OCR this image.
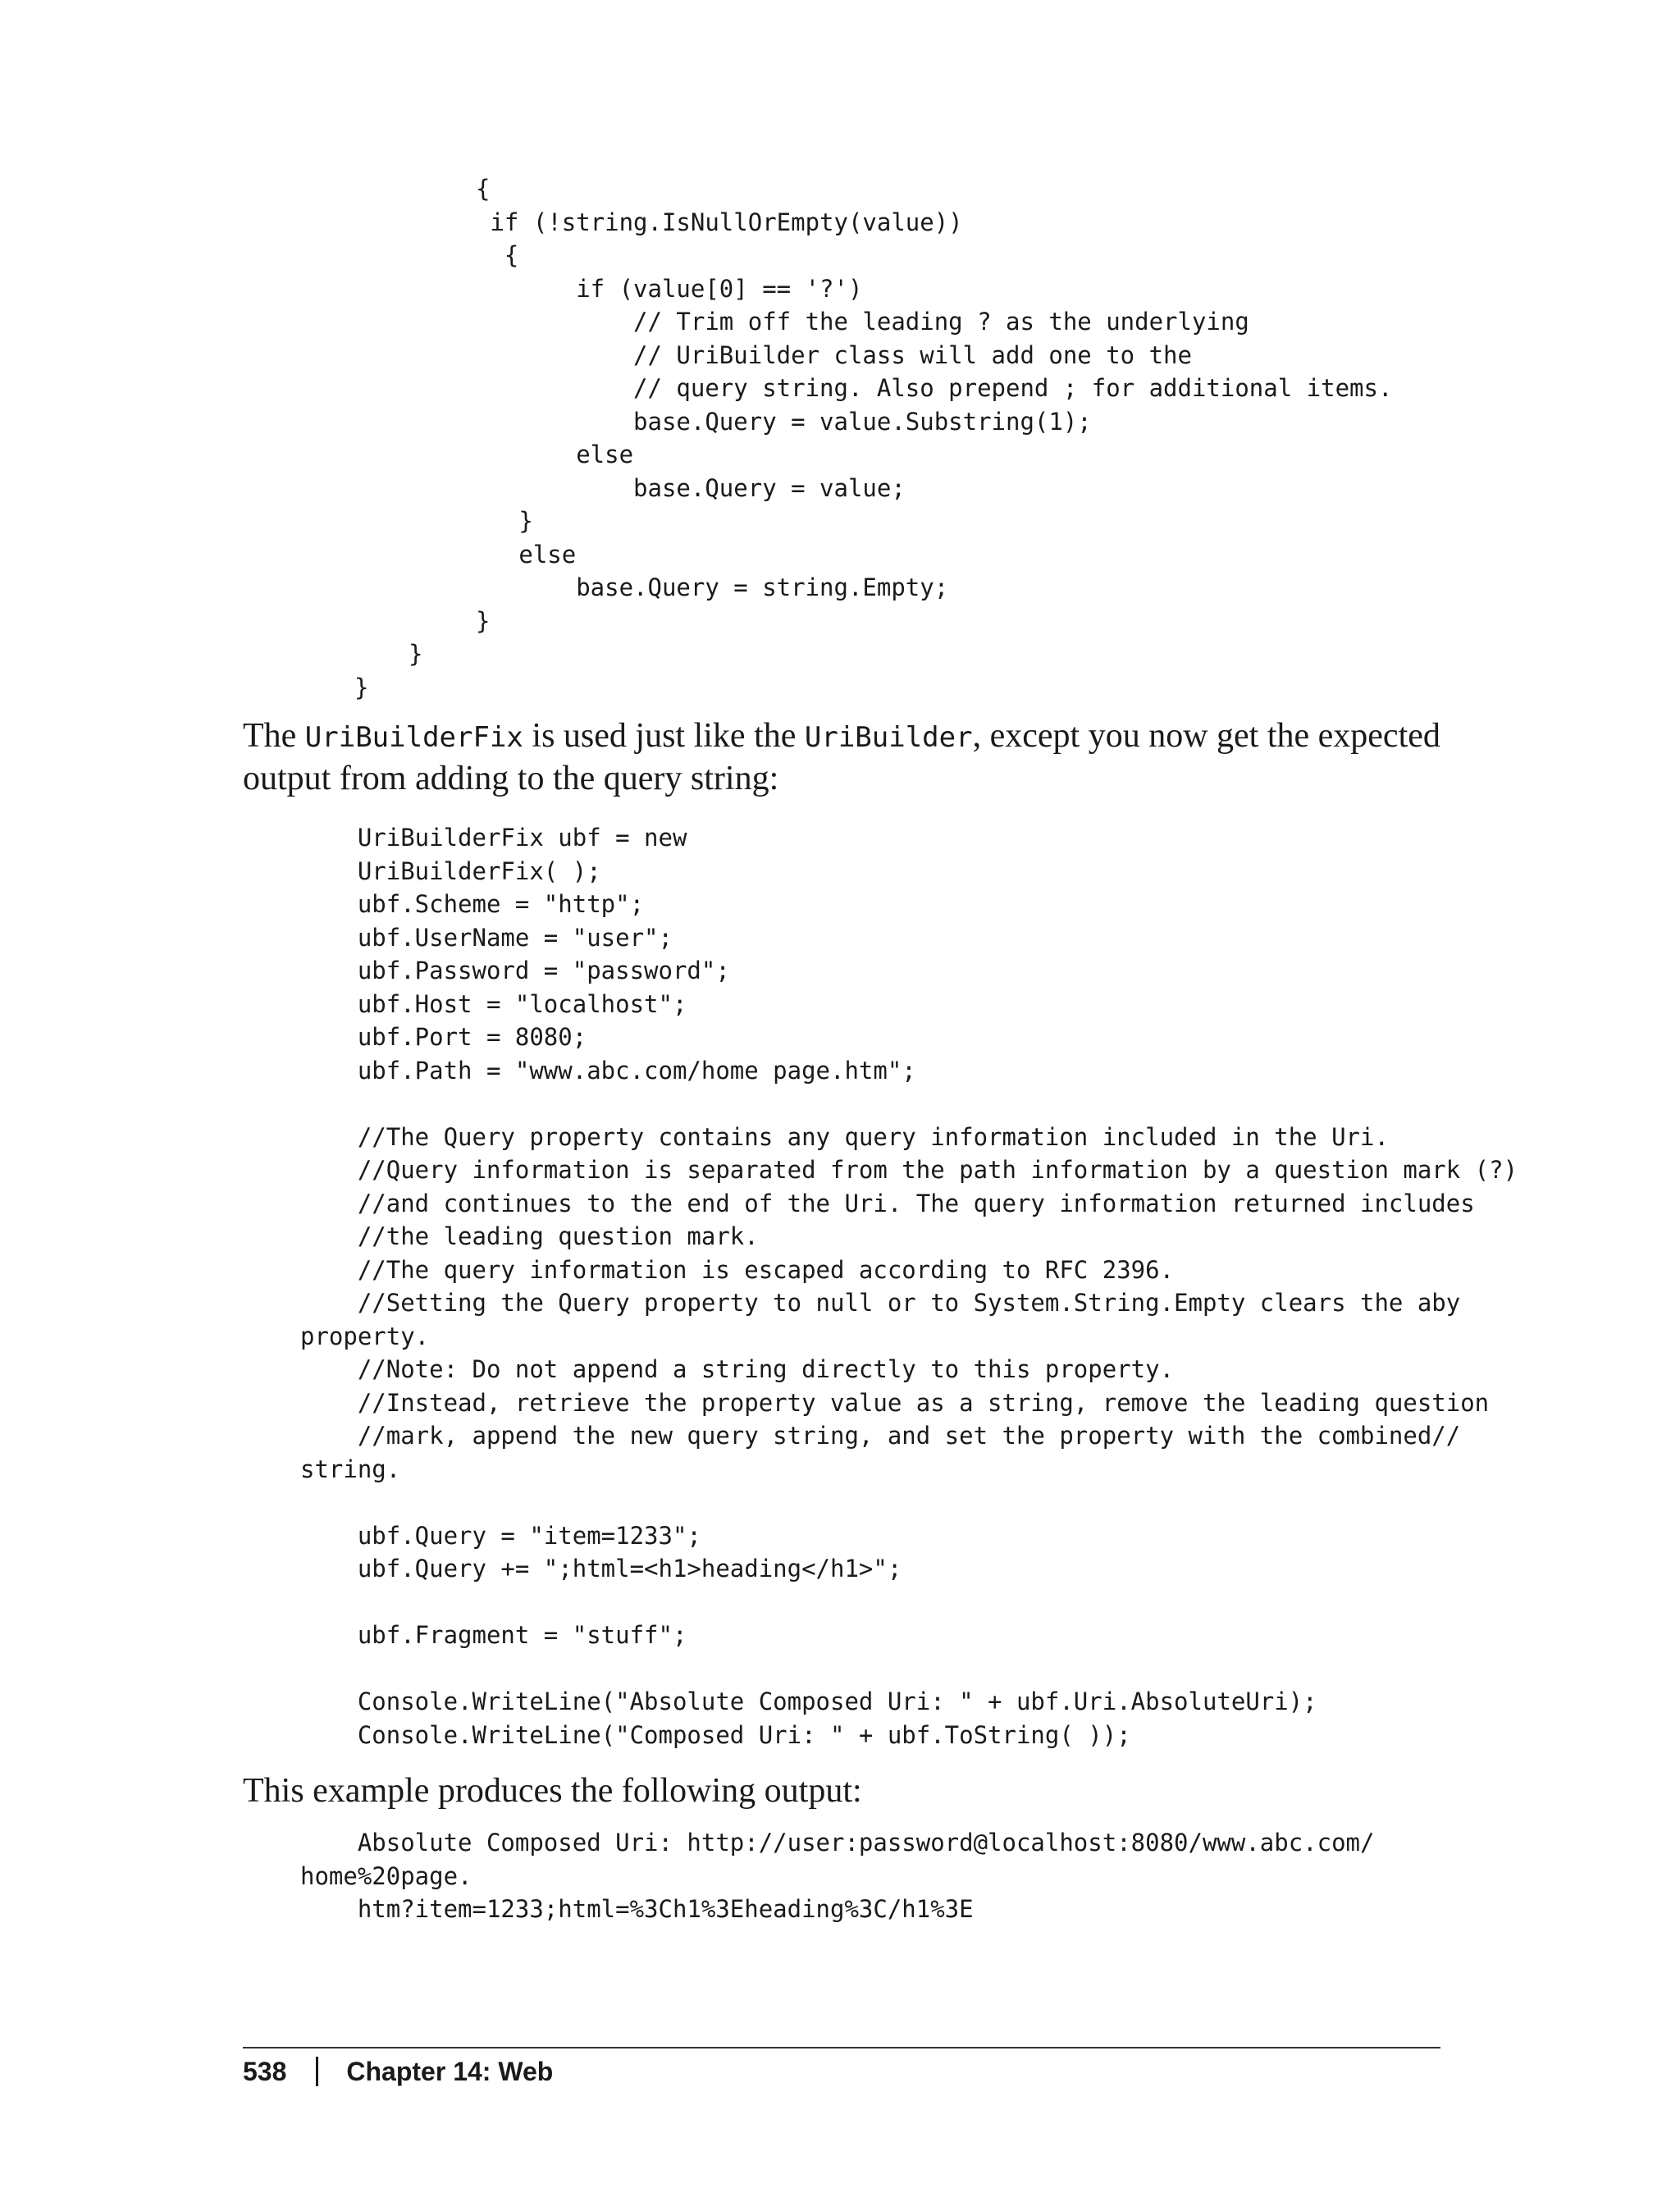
{
if (!string.IsNullOrEmpty(value))
{
if (value[0] == '?')
// Trim off the leading ? as the underlying
// UriBuilder class will add one to the
// query string. Also prepend ; for additional items.
base.Query = value.Substring(1);
else
base.Query = value;
}
else
base.Query = string.Empty;
}
}
}

The UriBuilderFix is used just like the UriBuilder, except you now get the expected output from adding to the query string:

UriBuilderFix ubf = new
UriBuilderFix( );
ubf.Scheme = "http";
ubf.UserName = "user";
ubf.Password = "password";
ubf.Host = "localhost";
ubf.Port = 8080;
ubf.Path = "www.abc.com/home page.htm";
//The Query property contains any query information included in the Uri.
//Query information is separated from the path information by a question mark (?)
//and continues to the end of the Uri. The query information returned includes
//the leading question mark.
//The query information is escaped according to RFC 2396.
//Setting the Query property to null or to System.String.Empty clears the aby
property.
//Note: Do not append a string directly to this property.
//Instead, retrieve the property value as a string, remove the leading question
//mark, append the new query string, and set the property with the combined//
string.
ubf.Query = "item=1233";
ubf.Query += ";html=<h1>heading</h1>";
ubf.Fragment = "stuff";
Console.WriteLine("Absolute Composed Uri: " + ubf.Uri.AbsoluteUri);
Console.WriteLine("Composed Uri: " + ubf.ToString( ));

This example produces the following output:

Absolute Composed Uri: http://user:password@localhost:8080/www.abc.com/
home%20page.
htm?item=1233;html=%3Ch1%3Eheading%3C/h1%3E
538 Chapter 14: Web
